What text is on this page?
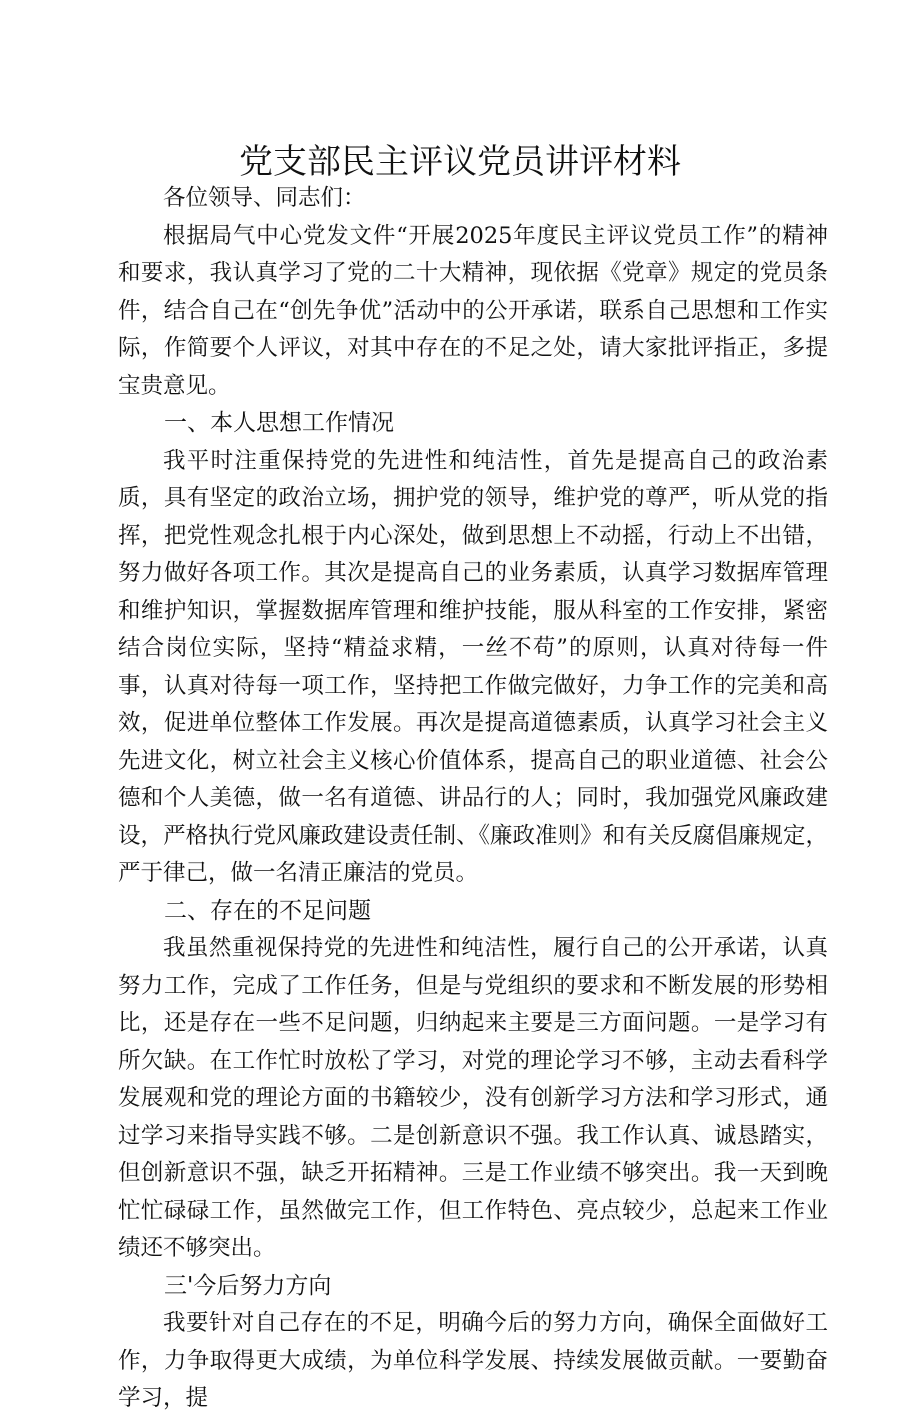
党支部民主评议党员讲评材料

各位领导、同志们：

根据局气中心党发文件“开展2025年度民主评议党员工作”的精神和要求，我认真学习了党的二十大精神，现依据《党章》规定的党员条件，结合自己在“创先争优”活动中的公开承诺，联系自己思想和工作实际，作简要个人评议，对其中存在的不足之处，请大家批评指正，多提宝贵意见。

一、本人思想工作情况

我平时注重保持党的先进性和纯洁性，首先是提高自己的政治素质，具有坚定的政治立场，拥护党的领导，维护党的尊严，听从党的指挥，把党性观念扎根于内心深处，做到思想上不动摇，行动上不出错，努力做好各项工作。其次是提高自己的业务素质，认真学习数据库管理和维护知识，掌握数据库管理和维护技能，服从科室的工作安排，紧密结合岗位实际，坚持“精益求精，一丝不苟”的原则，认真对待每一件事，认真对待每一项工作，坚持把工作做完做好，力争工作的完美和高效，促进单位整体工作发展。再次是提高道德素质，认真学习社会主义先进文化，树立社会主义核心价值体系，提高自己的职业道德、社会公德和个人美德，做一名有道德、讲品行的人；同时，我加强党风廉政建设，严格执行党风廉政建设责任制、《廉政准则》和有关反腐倡廉规定，严于律己，做一名清正廉洁的党员。

二、存在的不足问题

我虽然重视保持党的先进性和纯洁性，履行自己的公开承诺，认真努力工作，完成了工作任务，但是与党组织的要求和不断发展的形势相比，还是存在一些不足问题，归纳起来主要是三方面问题。一是学习有所欠缺。在工作忙时放松了学习，对党的理论学习不够，主动去看科学发展观和党的理论方面的书籍较少，没有创新学习方法和学习形式，通过学习来指导实践不够。二是创新意识不强。我工作认真、诚恳踏实，但创新意识不强，缺乏开拓精神。三是工作业绩不够突出。我一天到晚忙忙碌碌工作，虽然做完工作，但工作特色、亮点较少，总起来工作业绩还不够突出。

三'今后努力方向

我要针对自己存在的不足，明确今后的努力方向，确保全面做好工作，力争取得更大成绩，为单位科学发展、持续发展做贡献。一要勤奋学习，提
